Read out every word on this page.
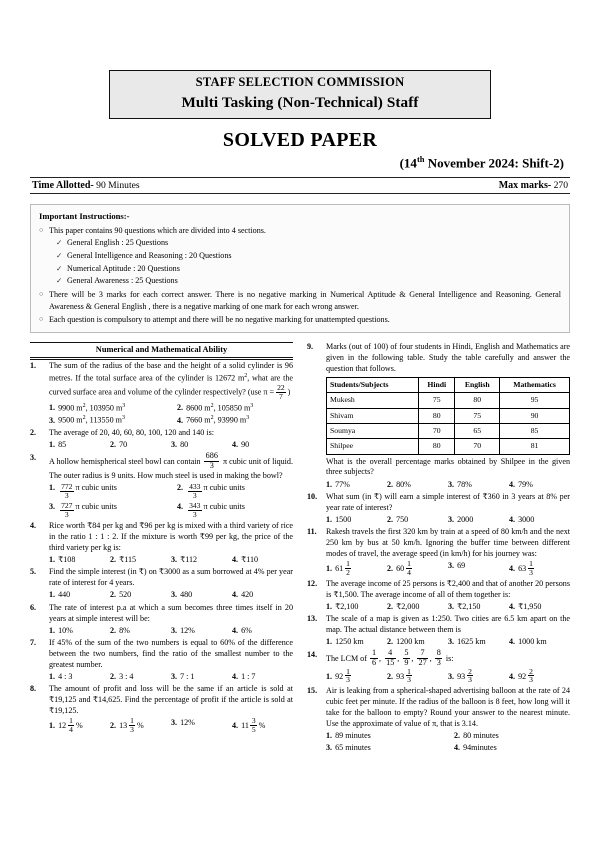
STAFF SELECTION COMMISSION
Multi Tasking (Non-Technical) Staff
SOLVED PAPER
(14th November 2024: Shift-2)
Time Allotted- 90 Minutes	Max marks- 270
Important Instructions:-
○ This paper contains 90 questions which are divided into 4 sections.
✓ General English : 25 Questions
✓ General Intelligence and Reasoning : 20 Questions
✓ Numerical Aptitude : 20 Questions
✓ General Awareness : 25 Questions
○ There will be 3 marks for each correct answer. There is no negative marking in Numerical Aptitude & General Intelligence and Reasoning. General Awareness & General English , there is a negative marking of one mark for each wrong answer.
○ Each question is compulsory to attempt and there will be no negative marking for unattempted questions.
Numerical and Mathematical Ability
1.	The sum of the radius of the base and the height of a solid cylinder is 96 metres. If the total surface area of the cylinder is 12672 $m^2$, what are the curved surface area and volume of the cylinder respectively? (use $\pi = \frac{22}{7}$ )
1. 9900 $m^2$, 103950 $m^3$	2. 8600 $m^2$, 105850 $m^3$
3. 9500 $m^2$, 113550 $m^3$	4. 7660 $m^2$, 93990 $m^3$
2.	The average of 20, 40, 60, 80, 100, 120 and 140 is:
1. 85	2. 70	3. 80	4. 90
3.	A hollow hemispherical steel bowl can contain $\frac{686}{3}$ π cubic unit of liquid. The outer radius is 9 units. How much steel is used in making the bowl?
1. $\frac{772}{3}$ π cubic units	2. $\frac{433}{3}$ π cubic units
3. $\frac{727}{3}$ π cubic units	4. $\frac{343}{3}$ π cubic units
4.	Rice worth ₹84 per kg and ₹96 per kg is mixed with a third variety of rice in the ratio 1 : 1 : 2. If the mixture is worth ₹99 per kg, the price of the third variety per kg is:
1. ₹108	2. ₹115	3. ₹112	4. ₹110
5.	Find the simple interest (in ₹) on ₹3000 as a sum borrowed at 4% per year rate of interest for 4 years.
1. 440	2. 520	3. 480	4. 420
6.	The rate of interest p.a at which a sum becomes three times itself in 20 years at simple interest will be:
1. 10%	2. 8%	3. 12%	4. 6%
7.	If 45% of the sum of the two numbers is equal to 60% of the difference between the two numbers, find the ratio of the smallest number to the greatest number.
1. 4 : 3	2. 3 : 4	3. 7 : 1	4. 1 : 7
8.	The amount of profit and loss will be the same if an article is sold at ₹19,125 and ₹14,625. Find the percentage of profit if the article is sold at ₹19,125.
1. $12 \frac{1}{4}$ %	2. $13 \frac{1}{3}$ %	3. 12%	4. $11 \frac{3}{5}$ %
9.	Marks (out of 100) of four students in Hindi, English and Mathematics are given in the following table. Study the table carefully and answer the question that follows.
Students/Subjects	Hindi	English	Mathematics
Mukesh	75	80	95
Shivam	80	75	90
Soumya	70	65	85
Shilpee	80	70	81
What is the overall percentage marks obtained by Shilpee in the given three subjects?
1. 77%	2. 80%	3. 78%	4. 79%
10.	What sum (in ₹) will earn a simple interest of ₹360 in 3 years at 8% per year rate of interest?
1. 1500	2. 750	3. 2000	4. 3000
11.	Rakesh travels the first 320 km by train at a speed of 80 km/h and the next 250 km by bus at 50 km/h. Ignoring the buffer time between different modes of travel, the average speed (in km/h) for his journey was:
1. $61 \frac{1}{2}$	2. $60 \frac{1}{4}$	3. 69	4. $63 \frac{1}{3}$
12.	The average income of 25 persons is ₹2,400 and that of another 20 persons is ₹1,500. The average income of all of them together is:
1. ₹2,100	2. ₹2,000	3. ₹2,150	4. ₹1,950
13.	The scale of a map is given as 1:250. Two cities are 6.5 km apart on the map. The actual distance between them is
1. 1250 km	2. 1200 km	3. 1625 km	4. 1000 km
14.	The LCM of $\frac{1}{6}$ , $\frac{4}{15}$ , $\frac{5}{9}$ , $\frac{7}{27}$ , $\frac{8}{3}$ is:
1. $92 \frac{1}{3}$	2. $93 \frac{1}{3}$	3. $93 \frac{2}{3}$	4. $92 \frac{2}{3}$
15.	Air is leaking from a spherical-shaped advertising balloon at the rate of 24 cubic feet per minute. If the radius of the balloon is 8 feet, how long will it take for the balloon to empty? Round your answer to the nearest minute. Use the approximate of value of π, that is 3.14.
1. 89 minutes	2. 80 minutes
3. 65 minutes	4. 94minutes
